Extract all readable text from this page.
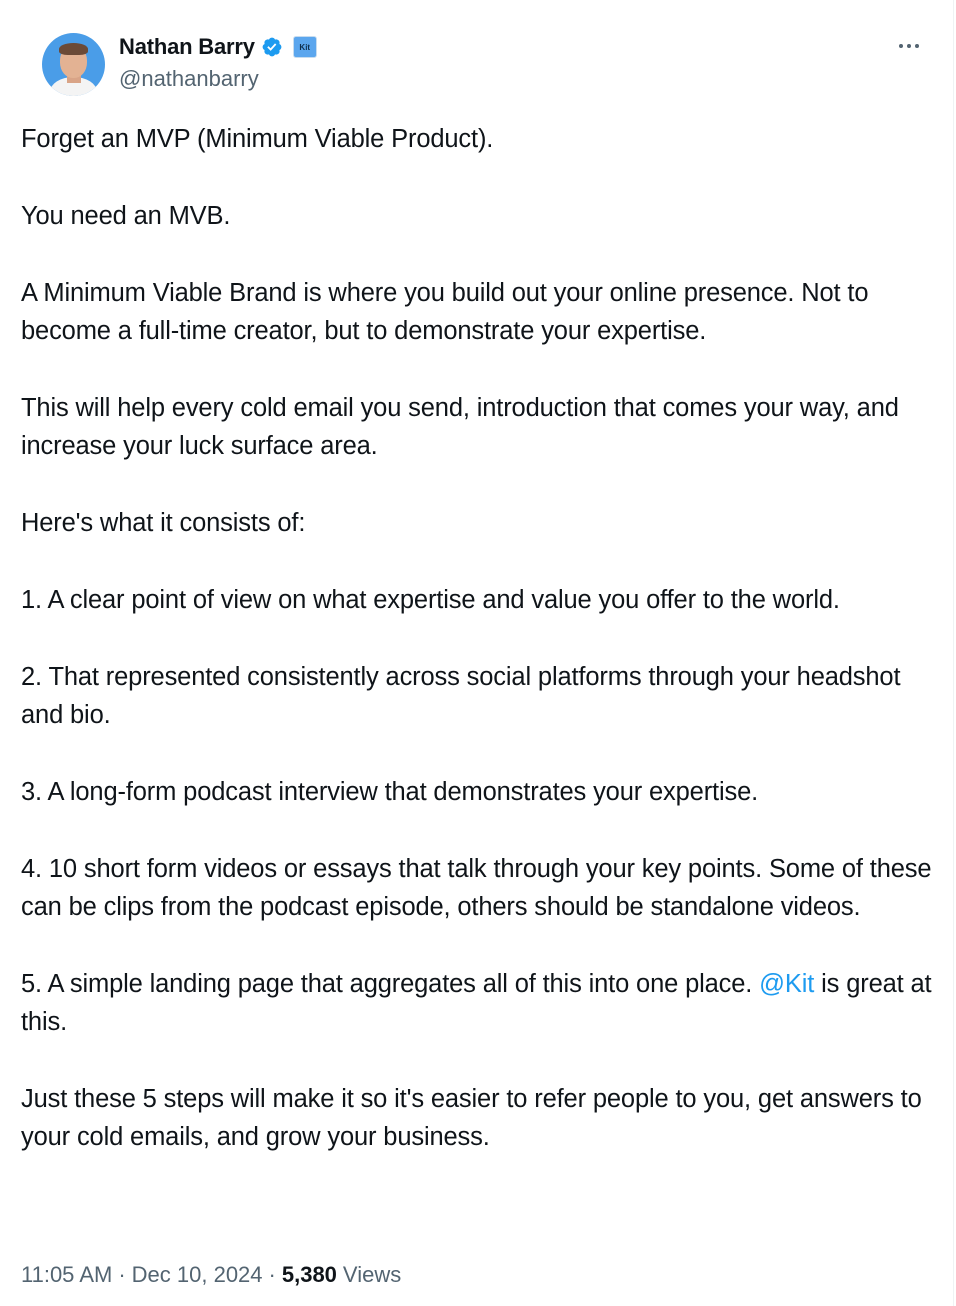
Nathan Barry	Kit
@nathanbarry

Forget an MVP (Minimum Viable Product).

You need an MVB.

A Minimum Viable Brand is where you build out your online presence. Not to become a full-time creator, but to demonstrate your expertise.

This will help every cold email you send, introduction that comes your way, and increase your luck surface area.

Here's what it consists of:

1. A clear point of view on what expertise and value you offer to the world.

2. That represented consistently across social platforms through your headshot and bio.

3. A long-form podcast interview that demonstrates your expertise.

4. 10 short form videos or essays that talk through your key points. Some of these can be clips from the podcast episode, others should be standalone videos.

5. A simple landing page that aggregates all of this into one place. @Kit is great at this.

Just these 5 steps will make it so it's easier to refer people to you, get answers to your cold emails, and grow your business.

11:05 AM · Dec 10, 2024 · 5,380 Views
